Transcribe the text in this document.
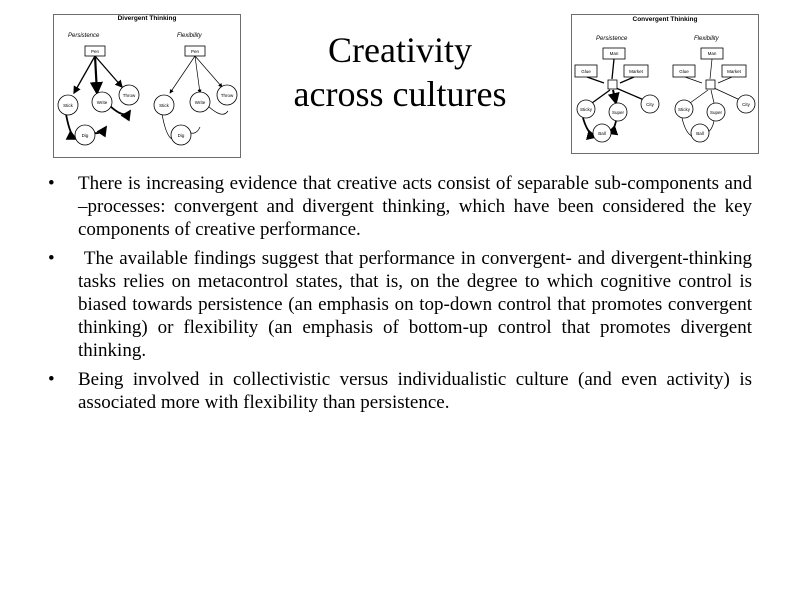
Divergent Thinking
Persistence	Flexibility
Pen
Stick
Write
Throw
Dig
Pen
Stick
Write
Throw
Dig
Convergent Thinking
Persistence	Flexibility
Glue
Man
Market
Sticky
Super
City
Ball
Glue
Man
Market
Sticky
Super
City
Ball
Creativity
across cultures
• There is increasing evidence that creative acts consist of separable sub-components and –processes: convergent and divergent thinking, which have been considered the key components of creative performance.
• The available findings suggest that performance in convergent- and divergent-thinking tasks relies on metacontrol states, that is, on the degree to which cognitive control is biased towards persistence (an emphasis on top-down control that promotes convergent thinking) or flexibility (an emphasis of bottom-up control that promotes divergent thinking.
• Being involved in collectivistic versus individualistic culture (and even activity) is associated more with flexibility than persistence.
